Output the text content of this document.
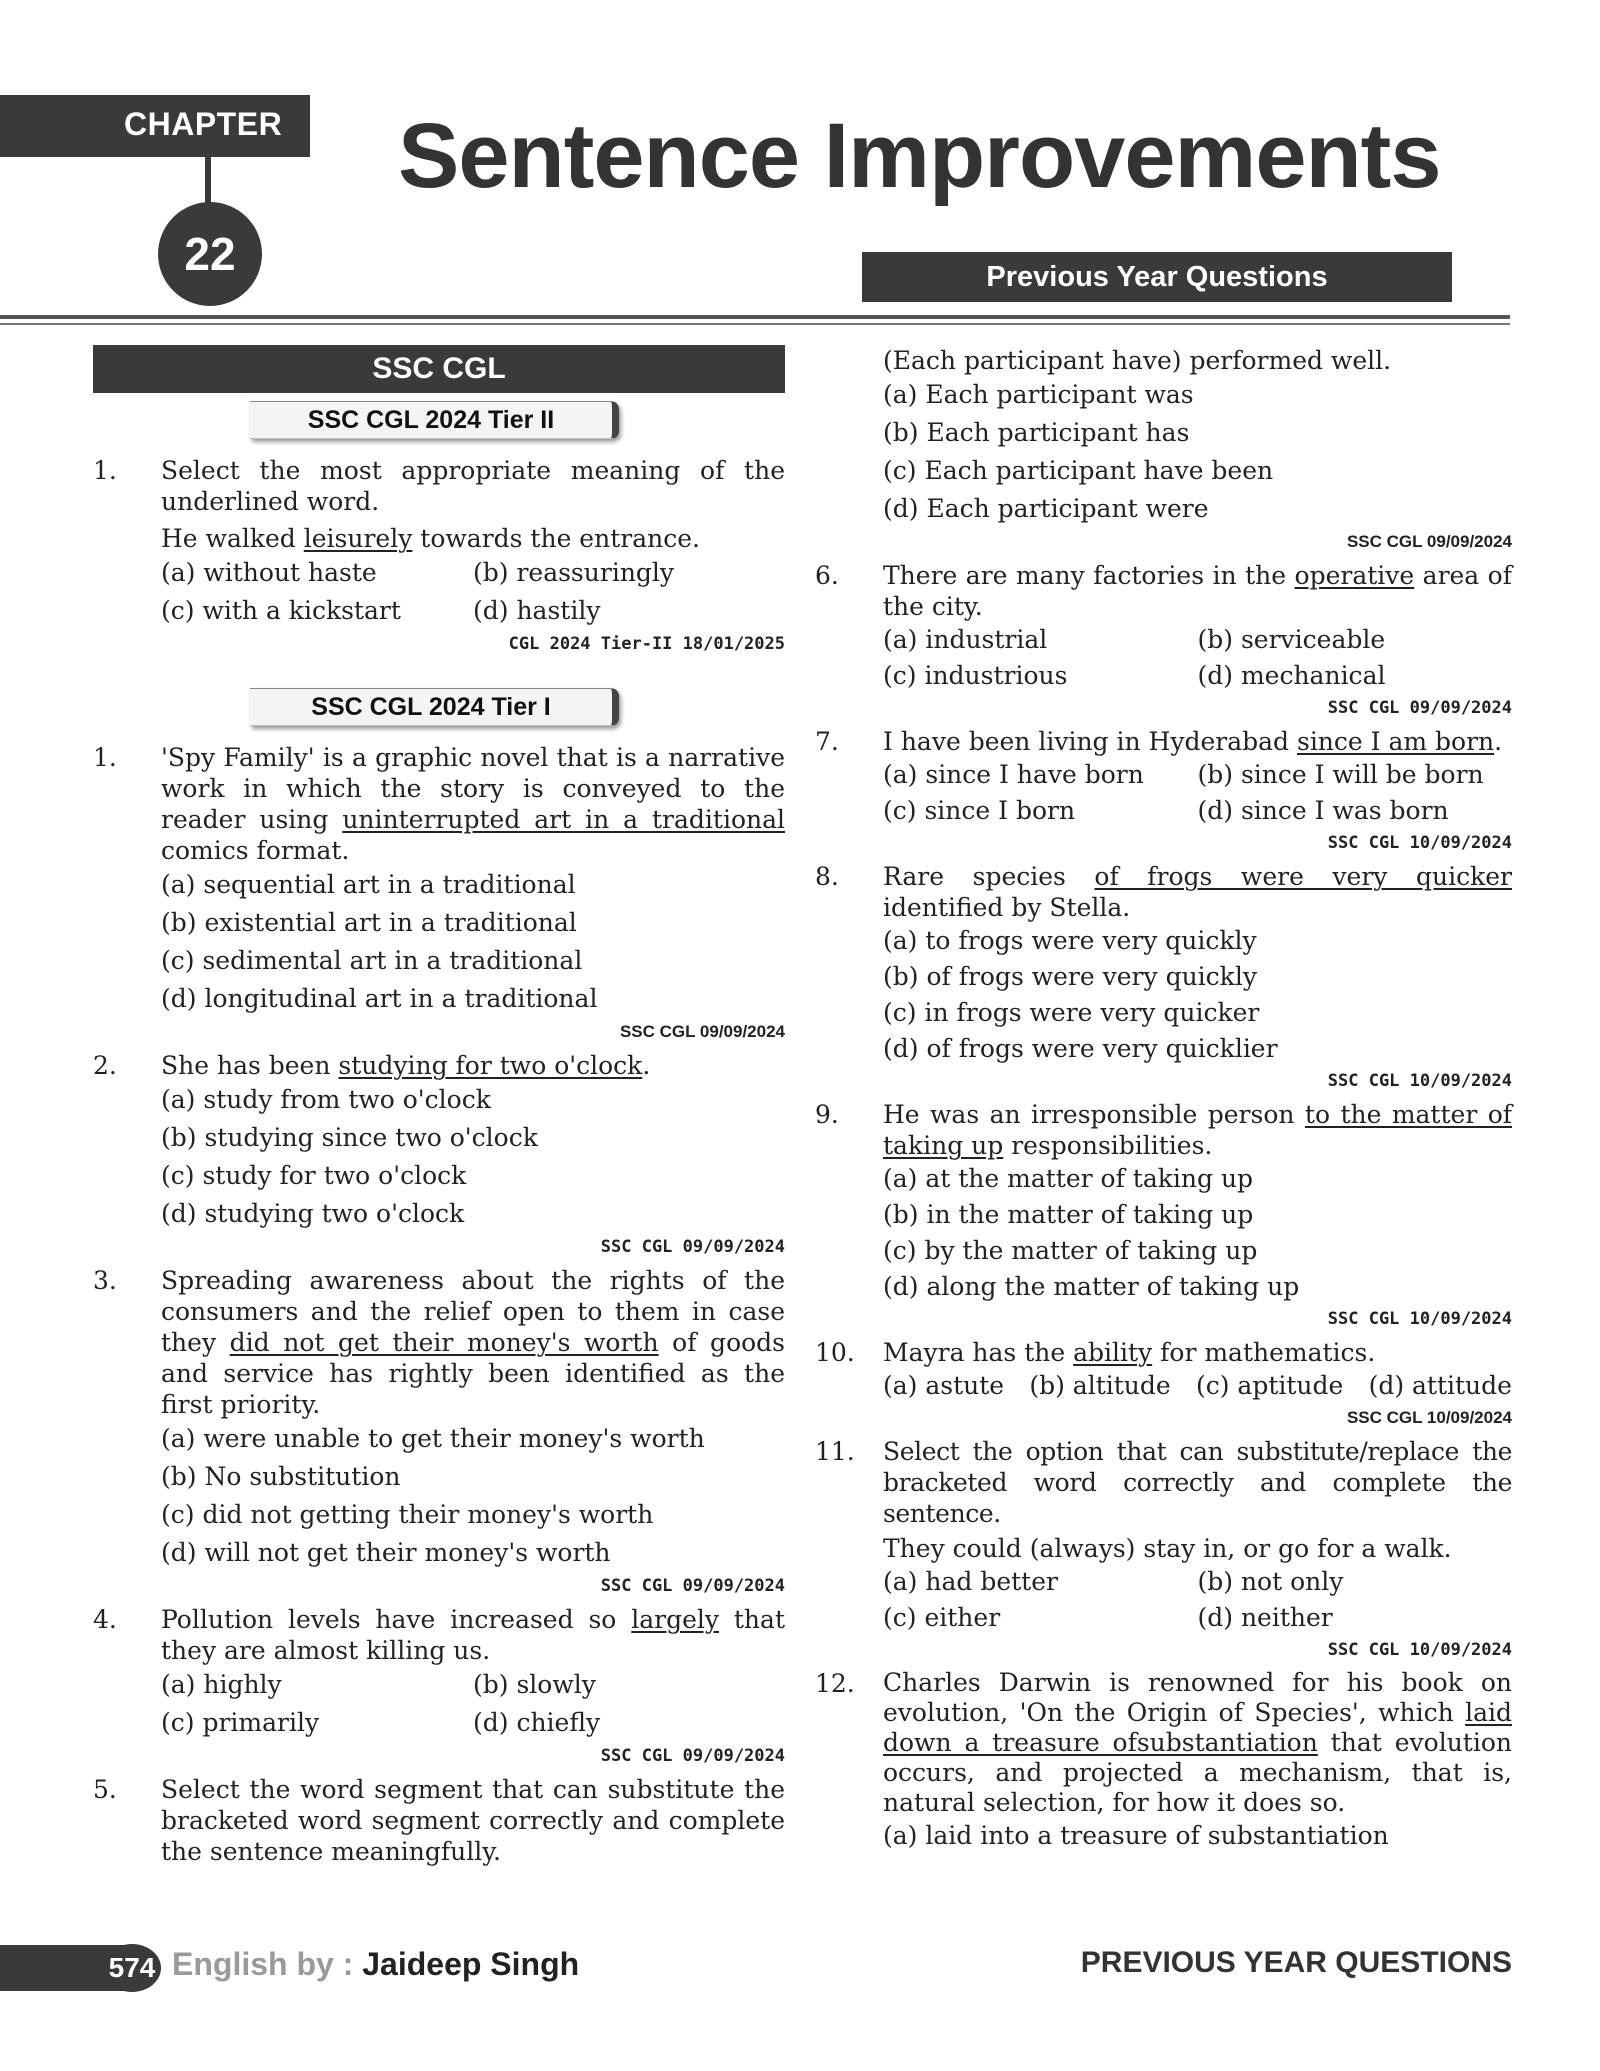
CHAPTER
22
Sentence Improvements
Previous Year Questions
SSC CGL
SSC CGL 2024 Tier II
1. Select the most appropriate meaning of the underlined word.
He walked leisurely towards the entrance.
(a) without haste	(b) reassuringly
(c) with a kickstart	(d) hastily
CGL 2024 Tier-II 18/01/2025
SSC CGL 2024 Tier I
1. 'Spy Family' is a graphic novel that is a narrative work in which the story is conveyed to the reader using uninterrupted art in a traditional comics format.
(a) sequential art in a traditional
(b) existential art in a traditional
(c) sedimental art in a traditional
(d) longitudinal art in a traditional
SSC CGL 09/09/2024
2. She has been studying for two o'clock.
(a) study from two o'clock
(b) studying since two o'clock
(c) study for two o'clock
(d) studying two o'clock
SSC CGL 09/09/2024
3. Spreading awareness about the rights of the consumers and the relief open to them in case they did not get their money's worth of goods and service has rightly been identified as the first priority.
(a) were unable to get their money's worth
(b) No substitution
(c) did not getting their money's worth
(d) will not get their money's worth
SSC CGL 09/09/2024
4. Pollution levels have increased so largely that they are almost killing us.
(a) highly	(b) slowly
(c) primarily	(d) chiefly
SSC CGL 09/09/2024
5. Select the word segment that can substitute the bracketed word segment correctly and complete the sentence meaningfully.
(Each participant have) performed well.
(a) Each participant was
(b) Each participant has
(c) Each participant have been
(d) Each participant were
SSC CGL 09/09/2024
6. There are many factories in the operative area of the city.
(a) industrial	(b) serviceable
(c) industrious	(d) mechanical
SSC CGL 09/09/2024
7. I have been living in Hyderabad since I am born.
(a) since I have born	(b) since I will be born
(c) since I born	(d) since I was born
SSC CGL 10/09/2024
8. Rare species of frogs were very quicker identified by Stella.
(a) to frogs were very quickly
(b) of frogs were very quickly
(c) in frogs were very quicker
(d) of frogs were very quicklier
SSC CGL 10/09/2024
9. He was an irresponsible person to the matter of taking up responsibilities.
(a) at the matter of taking up
(b) in the matter of taking up
(c) by the matter of taking up
(d) along the matter of taking up
SSC CGL 10/09/2024
10. Mayra has the ability for mathematics.
(a) astute (b) altitude (c) aptitude (d) attitude
SSC CGL 10/09/2024
11. Select the option that can substitute/replace the bracketed word correctly and complete the sentence.
They could (always) stay in, or go for a walk.
(a) had better	(b) not only
(c) either	(d) neither
SSC CGL 10/09/2024
12. Charles Darwin is renowned for his book on evolution, 'On the Origin of Species', which laid down a treasure ofsubstantiation that evolution occurs, and projected a mechanism, that is, natural selection, for how it does so.
(a) laid into a treasure of substantiation
574 English by : Jaideep Singh	PREVIOUS YEAR QUESTIONS
